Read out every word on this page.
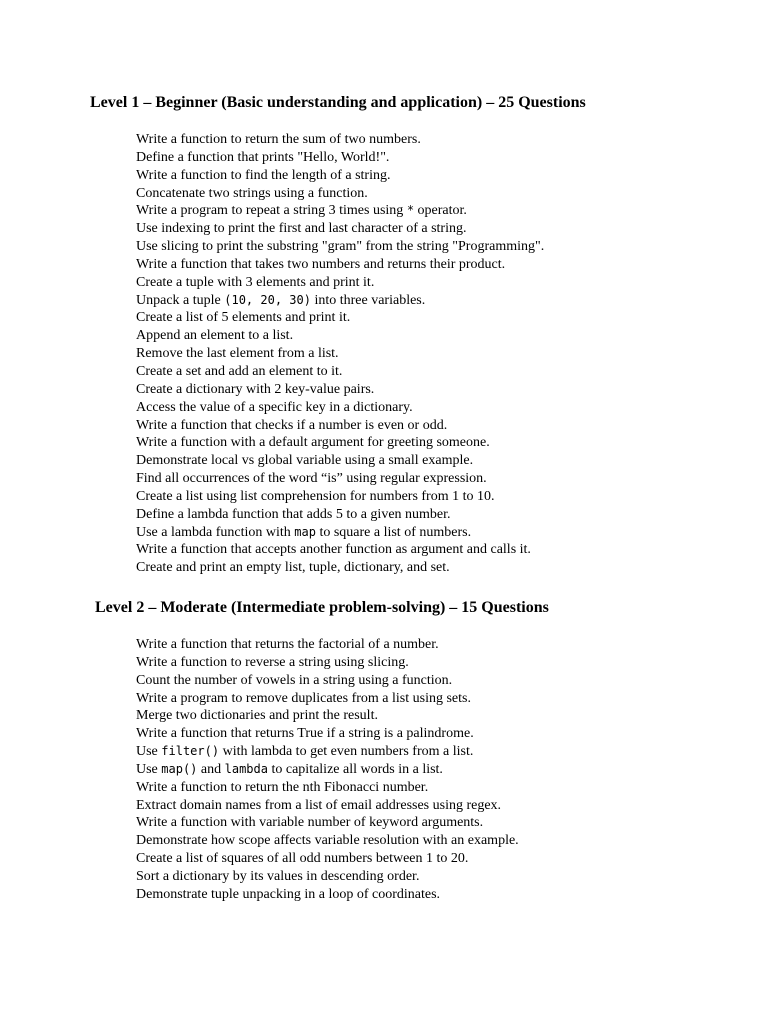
Level 1 – Beginner (Basic understanding and application) – 25 Questions
Write a function to return the sum of two numbers.
Define a function that prints "Hello, World!".
Write a function to find the length of a string.
Concatenate two strings using a function.
Write a program to repeat a string 3 times using * operator.
Use indexing to print the first and last character of a string.
Use slicing to print the substring "gram" from the string "Programming".
Write a function that takes two numbers and returns their product.
Create a tuple with 3 elements and print it.
Unpack a tuple (10, 20, 30) into three variables.
Create a list of 5 elements and print it.
Append an element to a list.
Remove the last element from a list.
Create a set and add an element to it.
Create a dictionary with 2 key-value pairs.
Access the value of a specific key in a dictionary.
Write a function that checks if a number is even or odd.
Write a function with a default argument for greeting someone.
Demonstrate local vs global variable using a small example.
Find all occurrences of the word “is” using regular expression.
Create a list using list comprehension for numbers from 1 to 10.
Define a lambda function that adds 5 to a given number.
Use a lambda function with map to square a list of numbers.
Write a function that accepts another function as argument and calls it.
Create and print an empty list, tuple, dictionary, and set.
Level 2 – Moderate (Intermediate problem-solving) – 15 Questions
Write a function that returns the factorial of a number.
Write a function to reverse a string using slicing.
Count the number of vowels in a string using a function.
Write a program to remove duplicates from a list using sets.
Merge two dictionaries and print the result.
Write a function that returns True if a string is a palindrome.
Use filter() with lambda to get even numbers from a list.
Use map() and lambda to capitalize all words in a list.
Write a function to return the nth Fibonacci number.
Extract domain names from a list of email addresses using regex.
Write a function with variable number of keyword arguments.
Demonstrate how scope affects variable resolution with an example.
Create a list of squares of all odd numbers between 1 to 20.
Sort a dictionary by its values in descending order.
Demonstrate tuple unpacking in a loop of coordinates.
